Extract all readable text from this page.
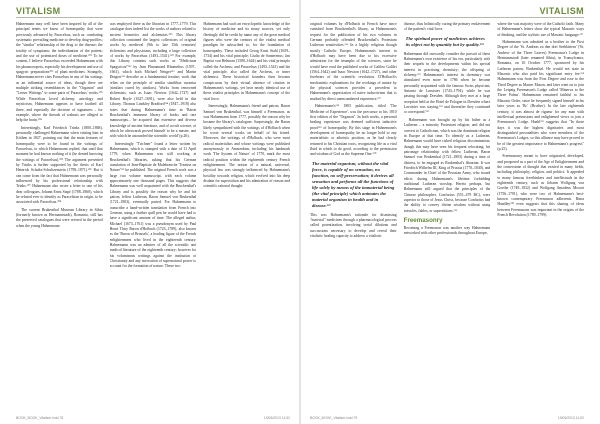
VITALISM

Hahnemann may well have been inspired by all of the principal tenets we know of homeopathy that were previously advanced by Paracelsus, such as: combating systematic prevailing medicine to develop drug-profiles; the "similar" relationship of the drug to the disease; the totality of symptoms; the individuation of the patient; and the use of potentized doses of medicine.²⁰¹ To be content, I believe Paracelsus exceeded Hahnemann with his pharmacopeia, especially his development and use of spagyric preparations²⁰² of plant medicines. Strangely, Hahnemann never cites Paracelsus in any of his writings as an influential source of ideas, though there are multiple striking resemblances in the "Organon" and "Lesser Writings" to some parts of Paracelsus' works.²⁰³ While Paracelsus loved alchemy, astrology and mysticism, Hahnemann appears to have loathed all three, and especially the doctrine of signatures – for example, where the threads of walnuts are alleged to help the brain.²⁰⁴

Interestingly, Karl Friedrich Trinks (1800–1868), personally challenged Hahnemann when visiting him in Köthen in 1827, pointing out that the main features of homeopathy were to be found in the writings of Paracelsus, to which Hahnemann replied, that until that moment he had known nothing of it (he denied knowing the writings of Paracelsus).²⁰⁵ The argument presented by Trinks is further supported by the thesis of Karl Heinrich Schultz-Schultzenstein (1798–1871).²⁰⁶ But it can come from the fact that Hahnemann was personally influenced by his professional relationship with Trinks.²⁰⁷ Hahnemann also wrote a letter to one of his dear colleagues, Johann Ernst Stapf (1788–1860), which he refused ever to identify as Paracelsian in origin, to be associated with Paracelsus.²⁰⁸

The current Brukenthal Museum Library in Sibiu (formerly known as Hermannstadt), Romania, still has the preserved catalogues that were revised in the period when the young Hahnemann

was employed there as the librarian in 1777–1779. This catalogue does indeed list the works of authors related to ancient hermetics and alchemists.²⁰⁹ This library collection contained the largest collections of original works by medieval (9th to late 15th centuries) alchemists and physicians, including a large collection of works by Paracelsus (1493–1541).²¹⁰ For example, this Library contains such works as "Medicinae Spagyricae"²¹¹ by Jean Pharamond Rhumelius (1597–1661), which both Michael Neuger²¹² and Martin Dingerr²¹³ describe as a fundamental treatise; work that relies on the principle of similia similibus curantur (similars cured by similars). Works from renowned alchemists, such as Isaac Newton (1642–1727) and Robert Boyle (1627–1691), were also held in this Library. Thomas Lindsley Bradford²¹⁴ (1847–1918) also notes that during Hahnemann's time in 'Baron Bruckenthal's immense library of books and rare manuscripts... he acquired that extensive and diverse knowledge of ancient literature, and of occult science, of which he afterwards proved himself to be a master, and with which he astounded the scientific world' (p.26).

Interestingly "Trichner" found a letter written by Hahnemann, which is stamped with a date of 11 April 1779, when Hahnemann was still working at Bruckenthal's libraries, asking that his German translation of Jean-Baptiste de Malebranche 'Treatise on Nature'²¹⁵ be published. The original French work was a large two volume manuscript, with each volume approximately one thousand pages. This suggests that Hahnemann was well acquainted with the Bruckenthal's Library and is possibly the reason why he and his patron, fellow Lutheran, Baron Samuel von Brukenthal (1721–1803), eventually parted. For Hahnemann to transcribe a hand-written translation from French into German, using a feather quill pen he would have had to have a significant amount of time. The alleged author, Michael (1673–1761) was a pseudonym used by Paul Henri Thiry Baron d'Holbach (1723–1789), also known as the 'Baron of Brussels', a leading figure of the French enlightenment who lived in the eighteenth century. Hahnemann was an admirer of all the scientific and medical literature of the eighteenth century; however for his voluminous writings against the institution of Christianity and any invocation of supernatural power to account for the formation of nature. These two

Hahnemann had such an encyclopedic knowledge of the history of medicine and its many sources, yet only fleetingly did he credit by name any of the great medical figures who were the creators of the vitalist medical paradigm he subscribed to, for the foundation of homeopathy. These included Georg Ernst Stahl (1659–1734) and his vital principle; Giulio de Santerenus; Jan Baptist van Helmont (1580–1644) and his vital principle called the Archeus; and Paracelsus (1493–1541) and his vital principle, also called the Archeus, or inner alchemist. These historical founders then become conspicuous by their virtual absence of citation in Hahnemann's writings, yet bear nearly identical use of these vitalist principles in Hahnemann's concept of the vital force.

Interestingly, Hahnemann's friend and patron, Baron Samuel von Brukenthal, was himself a Freemason, as was Hahnemann from 1777, possibly the reason why he became the library's cataloguer. Surprisingly, the Baron likely sympathized with the writings of d'Holbach when he wrote several works on behalf of his friend. Moreover, the writings of d'Holbach, who were most radical materialists and whose writings were published anonymously in Amsterdam, including his landmark work 'The System of Nature' of 1770, mark the most radical position within the eighteenth century French enlightenment. The notion of a natural, universal, physical law was strongly influenced by Hahnemann's hostility towards religion, which evolved into his deep disdain for superstition and his admiration of reason and scientific rational thought.

BOOK_BOOK_Vitalism.indd 78	19/06/2013 11:52
VITALISM

original volumes by d'Holbach in French have since vanished from Bruckenthal's library, as Hahnemann's request for the publication of his two volumes in German probably offended Bruckenthal's Protestant Lutheran sensitivities.²¹⁶ In a highly religious though mostly Catholic Europe, Hahnemann's interest in d'Holbach may have been due to his excessive admiration for the triumphs of the sciences, since he would have read the published works of Galileo Galilei (1564–1642) and Isaac Newton (1642–1727), and other forebears of the scientific revolution. D'Holbach's mechanistic explanations for the workings of nature by the physical sciences provides a precedent to Hahnemann's appreciation of naive inductivism that is marked by direct unencumbered experience.²¹⁷

Hahnemann's²¹⁸ 1805 publication, titled 'The Medicine of Experience', was the precursor to his 1810 first edition of the "Organon". In both works, a personal healing experience was deemed sufficient inductive proof²¹⁹ of homeopathy. By this stage in Hahnemann's development of homeopathy he no longer held to any materialistic or atheistic position, as he had clearly returned to his Christian roots, recognizing life as a vital fluid in which to do good, according to the permission and wisdom of God as the Supreme One.²²⁰

The material organism, without the vital force, is capable of no sensation, no function, no self-preservation; it derives all sensation and performs all the functions of life solely by means of the immaterial being (the vital principle) which animates the material organism in health and in disease.²²¹

This was Hahnemann's rationale for dismissing "material" medicines through a pharmacological process called potentization, involving serial dilutions and succussions necessary to develop and reveal their vitalistic healing capacity to address a vitalistic

disease, thus holistically curing the primary enslavement of the patient's vital force.

The spiritual power of medicines achieves its object not by quantity but by quality.²²²

Hahnemann did outwardly consider the pursuit of these Hahnemann's own existence of his era, particularly with their sequels in the developments within his special interest in practising chemistry; the offspring of alchemy.²²³ Hahnemann's interest in chemistry was stimulated even more in 1786 when he became personally acquainted with the famous Swiss physician, Antonio de Lavoisier (1743–1794), while he was passing through Dresden. Although they met at a large reception held at the Hotel de Pologne in Dresden where Lavoisier was staying,²²⁴ and thereafter they continued to correspond.²²⁵

Hahnemann was brought up by his father as a Lutheran – a minority Protestant religion, and did not convert to Catholicism, which was the dominant religion in Europe at that time. To identify as a Lutheran, Hahnemann would have risked religious discrimination, though this may have seen his frequent relocating; his patronage relationship with fellow Lutheran, Baron Samuel von Brukenthal (1721–1803) during a time of distress, to be engaged as Brukenthal's librarian. It was Friedrich Wilhelm III, King of Prussia (1770–1840), and Commander in Chief of the Prussian Army, who issued edicts during Hahnemann's lifetime forbidding traditional Lutheran worship. Hereto perhaps, but Hahnemann still argued that the principles of the Chinese philosopher, Confucius (551–479 BC), were superior to those of Jesus Christ, because Confucius had the ability to convey divine wisdom without using miracles, fables, or superstitions.²²⁶

Freemasonry

Becoming a Freemason was another way Hahnemann networked with other professionals throughout Europe,

where the vast majority were of the Catholic faith. Many of Hahnemann's letters show the typical Masonic ways of thinking, and the stylistic use of Masonic language.²²⁷

Hahnemann was admitted as a brother to the First Degree of the 'St. Andreas zu den drei Seeblättern' ('St. Andrew of the Three Leaves) Freemason's Lodge in Hermannstadt (later renamed Sibiu), in Transylvania, Romania, on 16 October 1777, sponsored by his Lutheran patron, Brukenthal. He would not state in Masonic who also paid his significant entry fee.²²⁸ Hahnemann was from the First Degree and rose to the Third Degree as Master Mason, and later went on to join the Leipzig Freemason's Lodge called 'Minerva to the Three Palms'. Hahnemann remained faithful to his Masonic Order, since he frequently signed himself in his later years as 'Br.' (Brother). In the late eighteenth century, it was almost de rigueur for any man with intellectual pretensions and enlightened views to join a Freemason's Lodge. Haehl²²⁹ suggests that "In those days it was the highest dignitaries and most distinguished personalities who were members of the Freemason's Lodges, so this alliance may have proved to be of the greatest importance to Hahnemann's progress" (p.25).

Freemasonry meant to have originated, developed, and prospered as a part of the Age of Enlightenment and the cornerstone of thought that existed in many fields, including philosophy, religion, and politics. It appealed to many famous freethinkers and intellectuals in the eighteenth century, such as Johann Wolfgang von Goethe (1749–1832) and Wolfgang Amadeus Mozart (1756–1791), who were two of Hahnemann's best-known contemporary Freemason adherents. Rima Handley²³⁰ even suggests that this sharing of ideas between Freemasons was important in the origins of the French Revolution (1789–1799).

BOOK_BOOK_Vitalism.indd 79	19/06/2013 11:52
